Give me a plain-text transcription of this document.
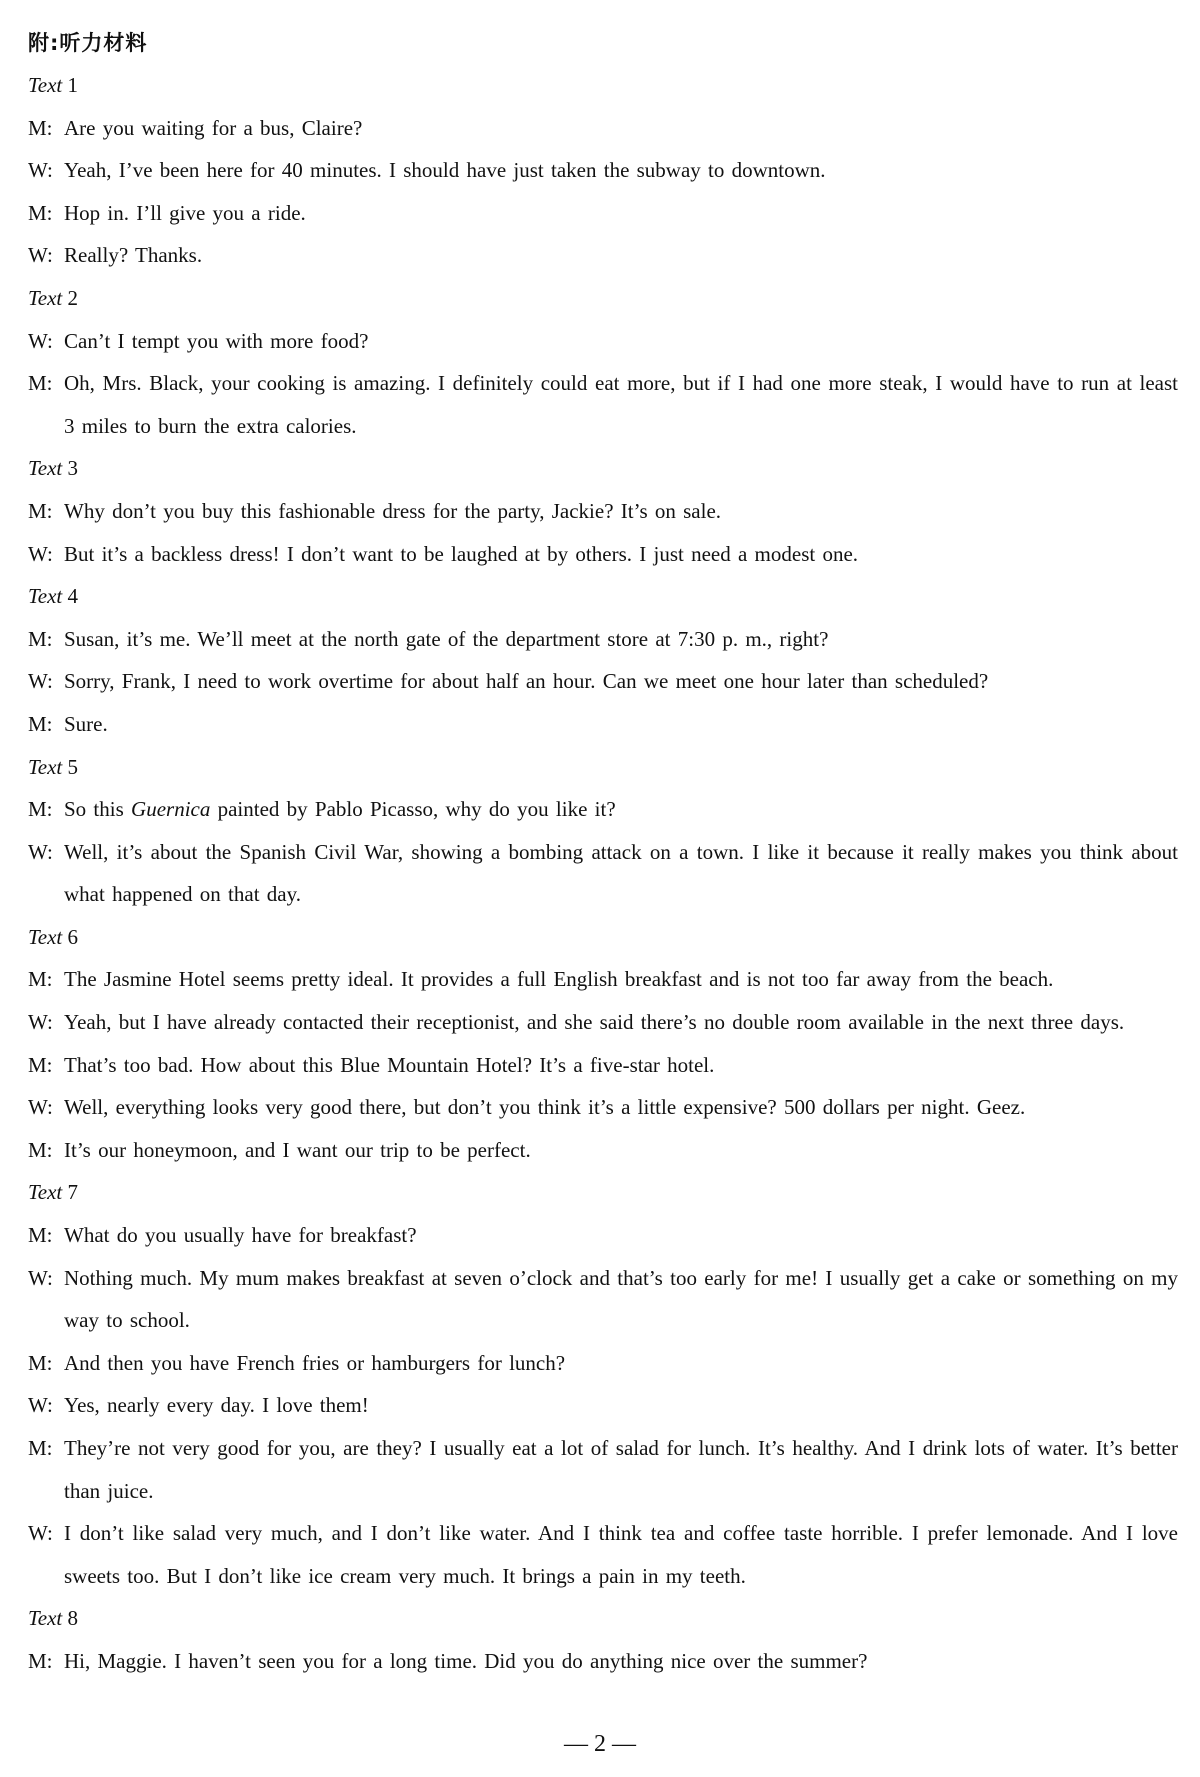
附:听力材料
Text 1
M: Are you waiting for a bus, Claire?
W: Yeah, I’ve been here for 40 minutes. I should have just taken the subway to downtown.
M: Hop in. I’ll give you a ride.
W: Really? Thanks.
Text 2
W: Can’t I tempt you with more food?
M: Oh, Mrs. Black, your cooking is amazing. I definitely could eat more, but if I had one more steak, I would have to run at least 3 miles to burn the extra calories.
Text 3
M: Why don’t you buy this fashionable dress for the party, Jackie? It’s on sale.
W: But it’s a backless dress! I don’t want to be laughed at by others. I just need a modest one.
Text 4
M: Susan, it’s me. We’ll meet at the north gate of the department store at 7:30 p. m., right?
W: Sorry, Frank, I need to work overtime for about half an hour. Can we meet one hour later than scheduled?
M: Sure.
Text 5
M: So this Guernica painted by Pablo Picasso, why do you like it?
W: Well, it’s about the Spanish Civil War, showing a bombing attack on a town. I like it because it really makes you think about what happened on that day.
Text 6
M: The Jasmine Hotel seems pretty ideal. It provides a full English breakfast and is not too far away from the beach.
W: Yeah, but I have already contacted their receptionist, and she said there’s no double room available in the next three days.
M: That’s too bad. How about this Blue Mountain Hotel? It’s a five-star hotel.
W: Well, everything looks very good there, but don’t you think it’s a little expensive? 500 dollars per night. Geez.
M: It’s our honeymoon, and I want our trip to be perfect.
Text 7
M: What do you usually have for breakfast?
W: Nothing much. My mum makes breakfast at seven o’clock and that’s too early for me! I usually get a cake or something on my way to school.
M: And then you have French fries or hamburgers for lunch?
W: Yes, nearly every day. I love them!
M: They’re not very good for you, are they? I usually eat a lot of salad for lunch. It’s healthy. And I drink lots of water. It’s better than juice.
W: I don’t like salad very much, and I don’t like water. And I think tea and coffee taste horrible. I prefer lemonade. And I love sweets too. But I don’t like ice cream very much. It brings a pain in my teeth.
Text 8
M: Hi, Maggie. I haven’t seen you for a long time. Did you do anything nice over the summer?
— 2 —
